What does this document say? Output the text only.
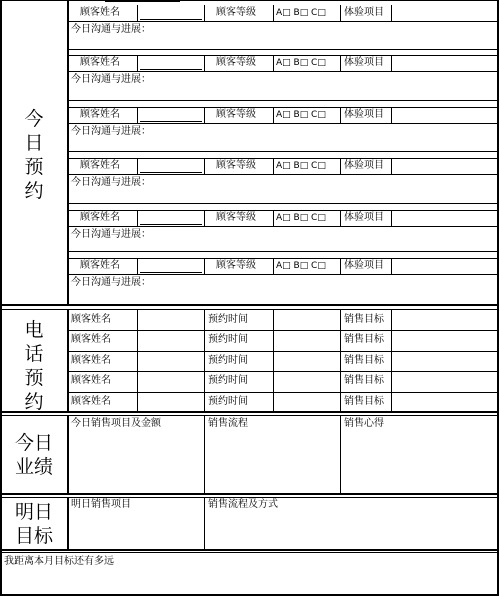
今
日
预
约
顾客姓名	顾客等级 A□ B□ C□ 体验项目
今日沟通与进展：
顾客姓名	顾客等级 A□ B□ C□ 体验项目
今日沟通与进展：
顾客姓名	顾客等级 A□ B□ C□ 体验项目
今日沟通与进展：
顾客姓名	顾客等级 A□ B□ C□ 体验项目
今日沟通与进展：
顾客姓名	顾客等级 A□ B□ C□ 体验项目
今日沟通与进展：
顾客姓名	顾客等级 A□ B□ C□ 体验项目
今日沟通与进展：
电
话
预
约
顾客姓名	预约时间	销售目标
顾客姓名	预约时间	销售目标
顾客姓名	预约时间	销售目标
顾客姓名	预约时间	销售目标
顾客姓名	预约时间	销售目标
今日
业绩
今日销售项目及金额	销售流程	销售心得
明日
目标
明日销售项目	销售流程及方式
我距离本月目标还有多远
